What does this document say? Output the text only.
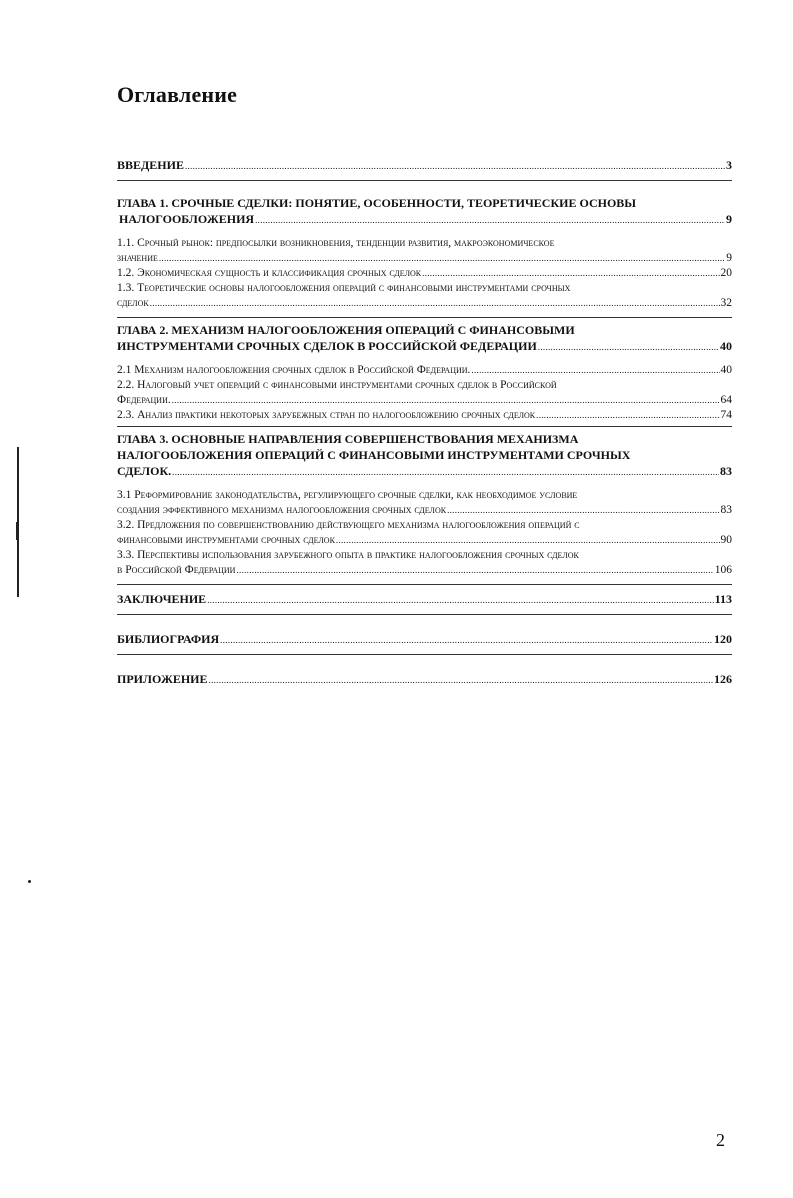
Оглавление
ВВЕДЕНИЕ .....	3
ГЛАВА 1. СРОЧНЫЕ СДЕЛКИ: ПОНЯТИЕ, ОСОБЕННОСТИ, ТЕОРЕТИЧЕСКИЕ ОСНОВЫ
НАЛОГООБЛОЖЕНИЯ .....	9
1.1. Срочный рынок: предпосылки возникновения, тенденции развития, макроэкономическое
значение .....	9
1.2. Экономическая сущность и классификация срочных сделок .....	20
1.3. Теоретические основы налогообложения операций с финансовыми инструментами срочных
сделок .....	32
ГЛАВА 2. МЕХАНИЗМ НАЛОГООБЛОЖЕНИЯ ОПЕРАЦИЙ С ФИНАНСОВЫМИ
ИНСТРУМЕНТАМИ СРОЧНЫХ СДЕЛОК В РОССИЙСКОЙ ФЕДЕРАЦИИ .....	40
2.1 Механизм налогообложения срочных сделок в Российской Федерации. .....	40
2.2. Налоговый учет операций с финансовыми инструментами срочных сделок в Российской
Федерации. .....	64
2.3. Анализ практики некоторых зарубежных стран по налогообложению срочных сделок .....	74
ГЛАВА 3. ОСНОВНЫЕ НАПРАВЛЕНИЯ СОВЕРШЕНСТВОВАНИЯ МЕХАНИЗМА
НАЛОГООБЛОЖЕНИЯ ОПЕРАЦИЙ С ФИНАНСОВЫМИ ИНСТРУМЕНТАМИ СРОЧНЫХ
СДЕЛОК. .....	83
3.1 Реформирование законодательства, регулирующего срочные сделки, как необходимое условие
создания эффективного механизма налогообложения срочных сделок .....	83
3.2. Предложения по совершенствованию действующего механизма налогообложения операций с
финансовыми инструментами срочных сделок .....	90
3.3. Перспективы использования зарубежного опыта в практике налогообложения срочных сделок
в Российской Федерации .....	106
ЗАКЛЮЧЕНИЕ .....	113
БИБЛИОГРАФИЯ .....	120
ПРИЛОЖЕНИЕ .....	126
2
